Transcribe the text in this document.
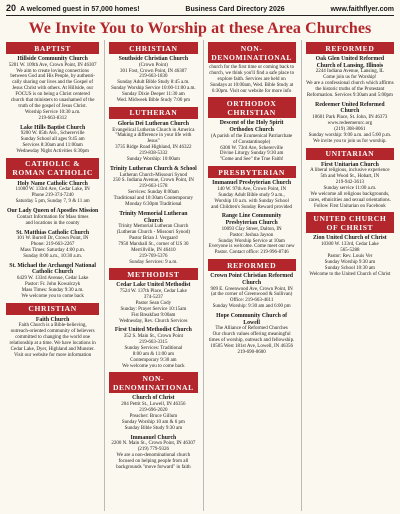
20 A welcomed guest in 57,000 homes!	Business Card Directory 2026	www.faithflyer.com
We Invite You to Worship at these Area Churches
BAPTIST
Hillside Community Church
5201 W. 109th Ave, Crown Point, IN 46307
We aim to create loving connections
between God and His People, by authenti-
cally sharing our lives and the Gospel of
Jesus Christ with others. At Hillside, our
FOCUS is on being a Christ centered
church that ministers to unashamed of the
truth of the gospel of Jesus Christ.
Worship Service 10:30 a.m.
219-663-8312
Lake Hills Baptist Church
9200 W. 85th Ave., Schererville
Sunday School all ages 9:45 am
Services 8:30am and 11:00am
Wednesday Night Activities 6:30pm
CATHOLIC & ROMAN CATHOLIC
Holy Name Catholic Church
11000 W. 133rd Ave, Cedar Lake, IN
Phone 219-374-7240
Saturday 5 pm, Sunday 7, 9 & 11 am
Our Lady Queen of Apostles Mission
Contact Information for Mass times
and locations in the county
St. Matthias Catholic Church
101 W. Burrell Dr, Crown Point, IN
Phone: 219-663-2267
Mass Times: Saturday 4:00 p.m.
Sunday 8:00 a.m., 10:30 a.m.
St. Michael the Archangel National Catholic Church
6429 W. 133rd Avenue, Cedar Lake
Pastor: Fr. John Kowalczyk
Mass Times: Sunday 9:30 a.m.
We welcome you to come back
CHRISTIAN
Faith Church
Faith Church is a Bible-believing,
outreach-oriented community of believers
committed to changing the world one
relationship at a time. We have locations in
Cedar Lake, Dyer, Highland and Munster.
Visit our website for more information
CHRISTIAN
Southside Christian Church
(Crown Point)
301 Fost, Crown Point, IN 46307
219-663-1830
Sunday Adult Bible Study 8:45 a.m.
Sunday Worship Service 10:00-11:00 a.m.
Sunday Dixie Deeper 11:30 am
Wed. Midweek Bible Study 7:00 pm
LUTHERAN
Gloria Dei Lutheran Church
Evangelical Lutheran Church in America
"Making a difference in your life with Jesus"
3735 Ridge Road Highland, IN 46322
219-838-5332
Sunday Worship: 10:00am
Trinity Lutheran Church & School
Lutheran Church-Missouri Synod
250 S. Indiana Avenue, Crown Point, IN
219-663-1578
Services: Sunday 8:00am
Traditional and 10:30am Contemporary
Monday 6:30pm Traditional
Trinity Memorial Lutheran Church
Trinity Memorial Lutheran Church
(Lutheran Church - Missouri Synod)
Pastor Brian J. Vergaard
7950 Marshall St., corner of US 30
Merrillville, IN 46410
219-769-5376
Sunday Services: 9 a.m.
METHODIST
Cedar Lake United Methodist
7524 W. 137th Place, Cedar Lake
374-5237
Pastor Sean Cody
Sunday: Prayer Service 10:15am
Fist Breakfast 9:00am
Wednesday, Rev. Church Services
First United Methodist Church
352 S. Main St., Crown Point
219-663-3315
Sunday Services: Traditional
8:00 am & 11:00 am
Contemporary 9:30 am
We welcome you to come back
NON-DENOMINATIONAL
Church of Christ
204 Pettit St., Lowell, IN 46356
219-696-2020
Preacher: Bruce Gillum
Sunday Worship 10 am & 6 pm
Sunday Bible Study 9:30 am
Immanuel Church
2200 N. Main St., Crown Point, IN 46307
(219) 779-9326
We are a non-denominational church
focused on helping people from all
backgrounds "move forward" in faith
NON-DENOMINATIONAL
church for the first time or coming back to
church, we think you'll find a safe place to
explore faith. Services are held on
Sundays at 10:00am, Wed. Bible Study at
6:30pm. Visit our website for more info
ORTHODOX CHRISTIAN
Descent of the Holy Spirit Orthodox Church
(A parish of the Ecumenical Patriarchate
of Constantinople)
6300 W. 73rd Ave, Schererville
Divine Liturgy Sunday 9:30 am
"Come and See" the True Faith!
PRESBYTERIAN
Immanuel Presbyterian Church
140 W. 97th Ave, Crown Point, IN
Sunday Adult Bible study 9 a.m.,
Worship 10 a.m. with Sunday School
and Children's Sunday Reward provided
Range Line Community Presbyterian Church
10093 Clay Street, Dalton, IN
Pastor: Joshua Jayson
Sunday Worship Service at 10am
Everyone is welcome. Come meet our new
Pastor. Contact office: 219-996-8746
REFORMED
Crown Point Christian Reformed Church
909 E. Greenwood Ave, Crown Point, IN
(at the corner of Greenwood & Sullivan)
Office: 219-663-4611
Sunday Worship: 9:30 am and 6:00 pm
Hope Community Church of Lowell
The Alliance of Reformed Churches
Our church values offering meaningful
times of worship, outreach and fellowship.
10505 West 181st Ave, Lowell, IN 46356
219-690-0600
REFORMED
Oak Glen United Reformed Church of Lansing, Illinois
2244 Indiana Avenue, Lansing, IL
Come join us for Worship!
We are a confessional church which affirms
the historic truths of the Protestant
Reformation. Services 9:30am and 5:00pm
Redeemer United Reformed Church
10601 Park Place, St. John, IN 46373
www.redeemerurc.org
(219) 308-8061
Sunday worship: 9:00 a.m. and 5:00 p.m.
We invite you to join us for worship.
UNITARIAN
First Unitarian Church
A liberal religious, inclusive experience
5th and Wood St., Hobart, IN
219-942-3613
Sunday service 11:00 a.m.
We welcome all religious backgrounds,
races, ethnicities and sexual orientations.
Follow First Unitarian on Facebook
UNITED CHURCH OF CHRIST
Zion United Church of Christ
10300 W. 133rd, Cedar Lake
565-5288
Pastor: Rev. Louis Ver
Sunday Worship 9:30 am
Sunday School 10:30 am
Welcome to the United Church of Christ
